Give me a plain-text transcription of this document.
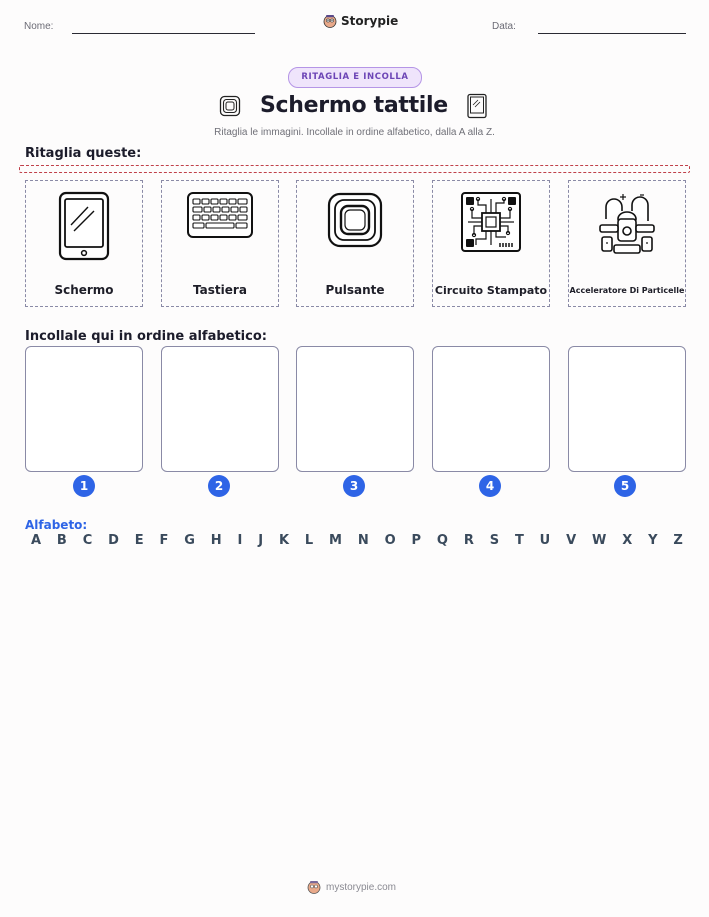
Nome:	Storypie	Data:
RITAGLIA E INCOLLA
Schermo tattile
Ritaglia le immagini. Incollale in ordine alfabetico, dalla A alla Z.
Ritaglia queste:
Schermo	Tastiera	Pulsante	Circuito Stampato	Acceleratore Di Particelle
Incollale qui in ordine alfabetico:
1	2	3	4	5
Alfabeto:
A B C D E F G H I J K L M N O P Q R S T U V W X Y Z
mystorypie.com
